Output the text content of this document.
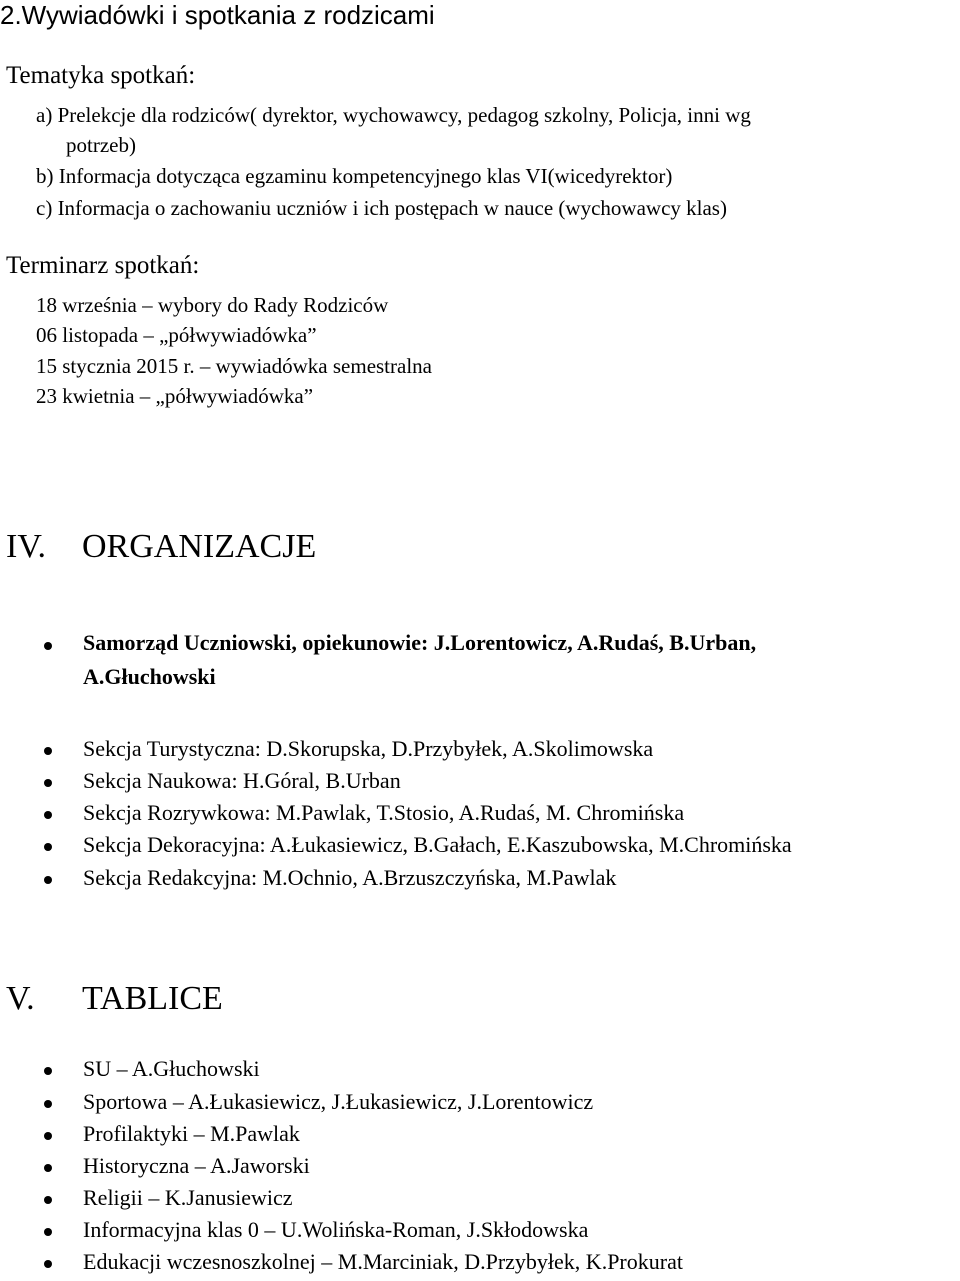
2.Wywiadówki i spotkania z rodzicami
Tematyka spotkań:
a) Prelekcje dla rodziców( dyrektor, wychowawcy, pedagog szkolny, Policja, inni wg
potrzeb)
b) Informacja dotycząca egzaminu kompetencyjnego klas VI(wicedyrektor)
c) Informacja o zachowaniu uczniów i ich postępach w nauce (wychowawcy klas)
Terminarz spotkań:
18 września – wybory do Rady Rodziców
06 listopada – „półwywiadówka”
15 stycznia 2015 r. – wywiadówka semestralna
23 kwietnia – „półwywiadówka”
IV. ORGANIZACJE
Samorząd Uczniowski, opiekunowie: J.Lorentowicz, A.Rudaś, B.Urban,
A.Głuchowski
Sekcja Turystyczna: D.Skorupska, D.Przybyłek, A.Skolimowska
Sekcja Naukowa: H.Góral, B.Urban
Sekcja Rozrywkowa: M.Pawlak, T.Stosio, A.Rudaś, M. Chromińska
Sekcja Dekoracyjna: A.Łukasiewicz, B.Gałach, E.Kaszubowska, M.Chromińska
Sekcja Redakcyjna: M.Ochnio, A.Brzuszczyńska, M.Pawlak
V. TABLICE
SU – A.Głuchowski
Sportowa – A.Łukasiewicz, J.Łukasiewicz, J.Lorentowicz
Profilaktyki – M.Pawlak
Historyczna – A.Jaworski
Religii – K.Janusiewicz
Informacyjna klas 0 – U.Wolińska-Roman, J.Skłodowska
Edukacji wczesnoszkolnej – M.Marciniak, D.Przybyłek, K.Prokurat
